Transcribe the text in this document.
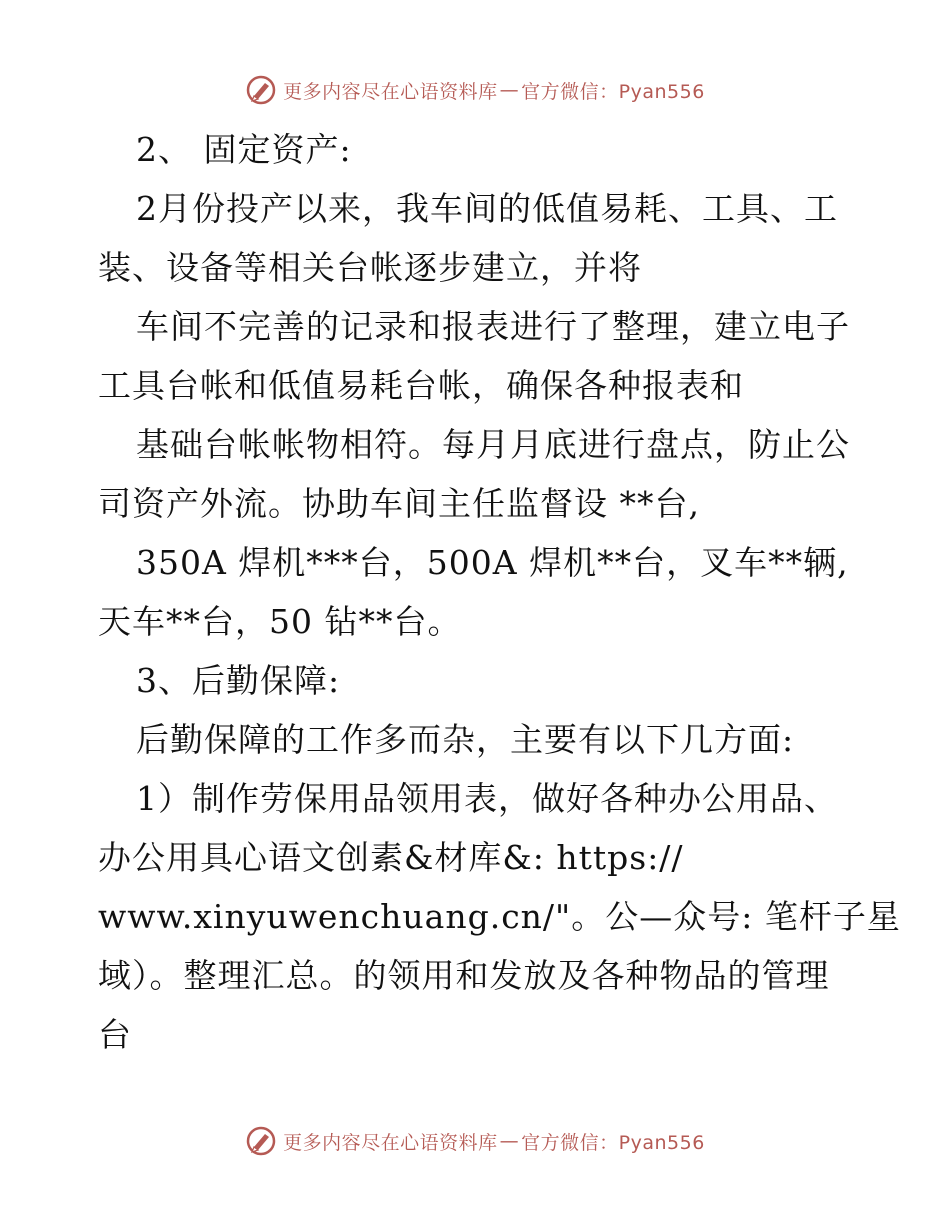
更多内容尽在心语资料库 — 官方微信：Pyan556
2、 固定资产:
2月份投产以来，我车间的低值易耗、工具、工
装、设备等相关台帐逐步建立，并将
车间不完善的记录和报表进行了整理，建立电子
工具台帐和低值易耗台帐，确保各种报表和
基础台帐帐物相符。每月月底进行盘点，防止公
司资产外流。协助车间主任监督设 **台,
350A 焊机***台，500A 焊机**台，叉车**辆,
天车**台，50 钻**台。
3、后勤保障:
后勤保障的工作多而杂，主要有以下几方面:
1）制作劳保用品领用表，做好各种办公用品、
办公用具心语文创素&材库&: https://
www.xinyuwenchuang.cn/"。公—众号: 笔杆子星
域）。整理汇总。的领用和发放及各种物品的管理
台
更多内容尽在心语资料库 — 官方微信：Pyan556
